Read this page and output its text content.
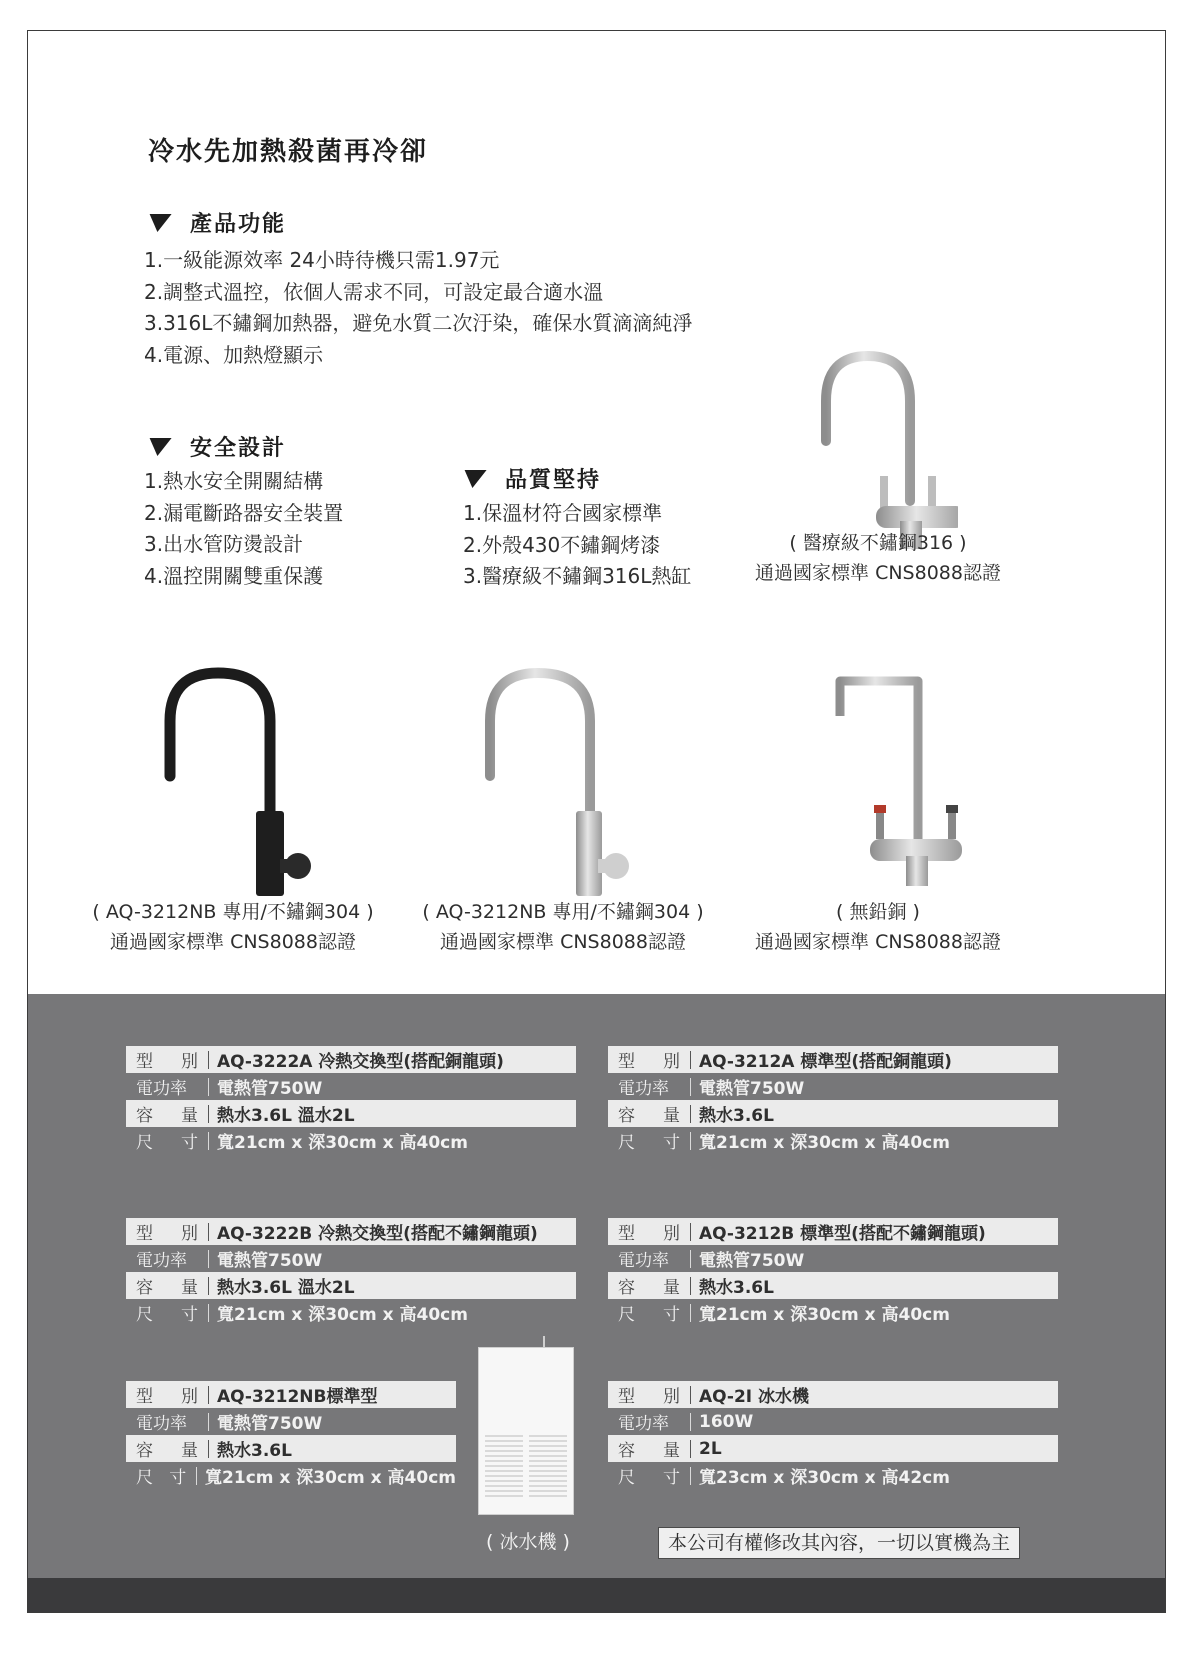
冷水先加熱殺菌再冷卻
產品功能
1.一級能源效率 24小時待機只需1.97元
2.調整式溫控，依個人需求不同，可設定最合適水溫
3.316L不鏽鋼加熱器，避免水質二次汙染，確保水質滴滴純淨
4.電源、加熱燈顯示
安全設計
1.熱水安全開關結構
2.漏電斷路器安全裝置
3.出水管防燙設計
4.溫控開關雙重保護
品質堅持
1.保溫材符合國家標準
2.外殼430不鏽鋼烤漆
3.醫療級不鏽鋼316L熱缸
( 醫療級不鏽鋼316 )
通過國家標準 CNS8088認證
( AQ-3212NB 專用/不鏽鋼304 )
通過國家標準 CNS8088認證
( AQ-3212NB 專用/不鏽鋼304 )
通過國家標準 CNS8088認證
( 無鉛銅 )
通過國家標準 CNS8088認證
型 別 AQ-3222A 冷熱交換型(搭配銅龍頭)
電功率 電熱管750W
容 量 熱水3.6L 溫水2L
尺 寸 寬21cm x 深30cm x 高40cm
型 別 AQ-3212A 標準型(搭配銅龍頭)
電功率 電熱管750W
容 量 熱水3.6L
尺 寸 寬21cm x 深30cm x 高40cm
型 別 AQ-3222B 冷熱交換型(搭配不鏽鋼龍頭)
電功率 電熱管750W
容 量 熱水3.6L 溫水2L
尺 寸 寬21cm x 深30cm x 高40cm
型 別 AQ-3212B 標準型(搭配不鏽鋼龍頭)
電功率 電熱管750W
容 量 熱水3.6L
尺 寸 寬21cm x 深30cm x 高40cm
型 別 AQ-3212NB標準型
電功率 電熱管750W
容 量 熱水3.6L
尺 寸 寬21cm x 深30cm x 高40cm
型 別 AQ-2I 冰水機
電功率 160W
容 量 2L
尺 寸 寬23cm x 深30cm x 高42cm
( 冰水機 )	本公司有權修改其內容，一切以實機為主
